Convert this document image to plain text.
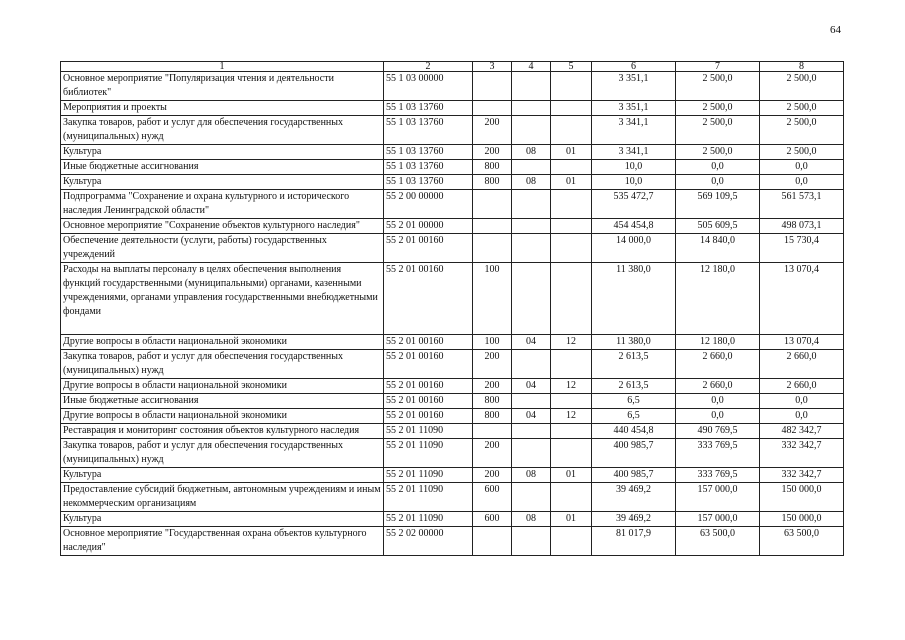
64
1	2	3	4	5	6	7	8
Основное мероприятие "Популяризация чтения и деятельности библиотек"	55 1 03 00000				3 351,1	2 500,0	2 500,0
Мероприятия и проекты	55 1 03 13760				3 351,1	2 500,0	2 500,0
Закупка товаров, работ и услуг для обеспечения государственных (муниципальных) нужд	55 1 03 13760	200			3 341,1	2 500,0	2 500,0
Культура	55 1 03 13760	200	08	01	3 341,1	2 500,0	2 500,0
Иные бюджетные ассигнования	55 1 03 13760	800			10,0	0,0	0,0
Культура	55 1 03 13760	800	08	01	10,0	0,0	0,0
Подпрограмма "Сохранение и охрана культурного и исторического наследия Ленинградской области"	55 2 00 00000				535 472,7	569 109,5	561 573,1
Основное мероприятие "Сохранение объектов культурного наследия"	55 2 01 00000				454 454,8	505 609,5	498 073,1
Обеспечение деятельности (услуги, работы) государственных учреждений	55 2 01 00160				14 000,0	14 840,0	15 730,4
Расходы на выплаты персоналу в целях обеспечения выполнения функций государственными (муниципальными) органами, казенными учреждениями, органами управления государственными внебюджетными фондами	55 2 01 00160	100			11 380,0	12 180,0	13 070,4
Другие вопросы в области национальной экономики	55 2 01 00160	100	04	12	11 380,0	12 180,0	13 070,4
Закупка товаров, работ и услуг для обеспечения государственных (муниципальных) нужд	55 2 01 00160	200			2 613,5	2 660,0	2 660,0
Другие вопросы в области национальной экономики	55 2 01 00160	200	04	12	2 613,5	2 660,0	2 660,0
Иные бюджетные ассигнования	55 2 01 00160	800			6,5	0,0	0,0
Другие вопросы в области национальной экономики	55 2 01 00160	800	04	12	6,5	0,0	0,0
Реставрация и мониторинг состояния объектов культурного наследия	55 2 01 11090				440 454,8	490 769,5	482 342,7
Закупка товаров, работ и услуг для обеспечения государственных (муниципальных) нужд	55 2 01 11090	200			400 985,7	333 769,5	332 342,7
Культура	55 2 01 11090	200	08	01	400 985,7	333 769,5	332 342,7
Предоставление субсидий бюджетным, автономным учреждениям и иным некоммерческим организациям	55 2 01 11090	600			39 469,2	157 000,0	150 000,0
Культура	55 2 01 11090	600	08	01	39 469,2	157 000,0	150 000,0
Основное мероприятие "Государственная охрана объектов культурного наследия"	55 2 02 00000				81 017,9	63 500,0	63 500,0
